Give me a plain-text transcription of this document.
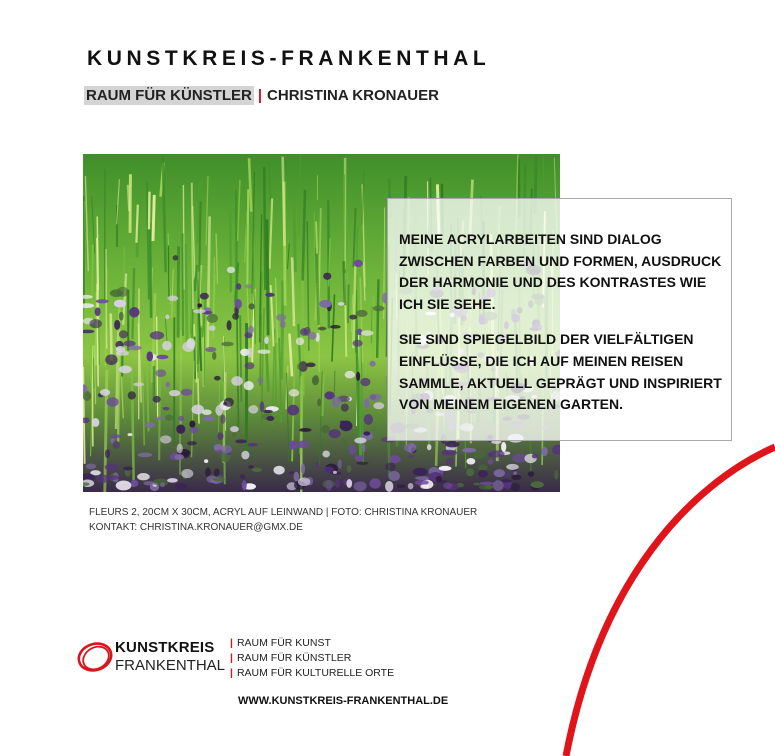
KUNSTKREIS-FRANKENTHAL
RAUM FÜR KÜNSTLER | CHRISTINA KRONAUER

MEINE ACRYLARBEITEN SIND DIALOG ZWISCHEN FARBEN UND FORMEN, AUSDRUCK DER HARMONIE UND DES KONTRASTES WIE ICH SIE SEHE.

SIE SIND SPIEGELBILD DER VIELFÄLTIGEN EINFLÜSSE, DIE ICH AUF MEINEN REISEN SAMMLE, AKTUELL GEPRÄGT UND INSPIRIERT VON MEINEM EIGENEN GARTEN.

FLEURS 2, 20CM X 30CM, ACRYL AUF LEINWAND | FOTO: CHRISTINA KRONAUER
KONTAKT: CHRISTINA.KRONAUER@GMX.DE
KUNSTKREIS
FRANKENTHAL
| RAUM FÜR KUNST
| RAUM FÜR KÜNSTLER
| RAUM FÜR KULTURELLE ORTE
WWW.KUNSTKREIS-FRANKENTHAL.DE
